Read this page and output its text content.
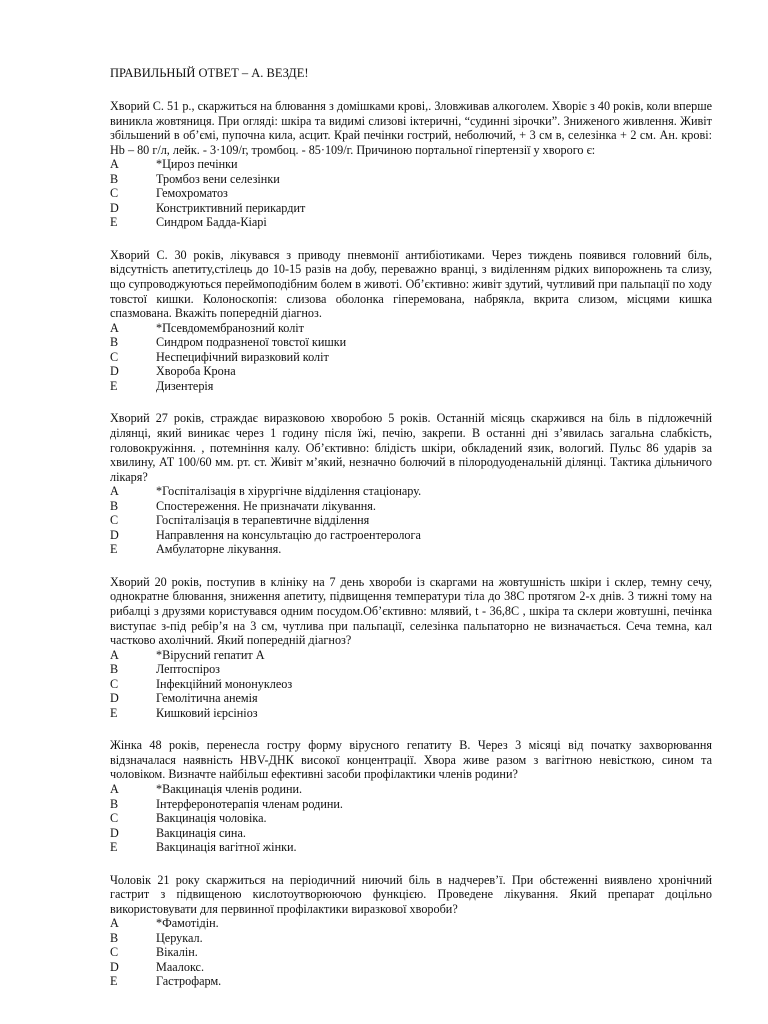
ПРАВИЛЬНЫЙ ОТВЕТ – А. ВЕЗДЕ!

Хворий С. 51 р., скаржиться на блювання з домішками крові,. Зловживав алкоголем. Хворіє з 40 років, коли вперше виникла жовтяниця. При огляді: шкіра та видимі слизові іктеричні, “судинні зірочки”. Зниженого живлення. Живіт збільшений в об’ємі, пупочна кила, асцит. Край печінки гострий, неболючий, + 3 см в, селезінка + 2 см. Ан. крові: Hb – 80 г/л, лейк. - 3·109/г, тромбоц. - 85·109/г. Причиною портальної гіпертензії у хворого є:

A	*Цироз печінки
B	Тромбоз вени селезінки
C	Гемохроматоз
D	Констриктивний перикардит
E	Синдром Бадда-Кіарі

Хворий С. 30 років, лікувався з приводу пневмонії антибіотиками. Через тиждень появився головний біль, відсутність апетиту,стілець до 10-15 разів на добу, переважно вранці, з виділенням рідких випорожнень та слизу, що супроводжуються переймоподібним болем в животі. Об’єктивно: живіт здутий, чутливий при пальпації по ходу товстої кишки. Колоноскопія: слизова оболонка гіперемована, набрякла, вкрита слизом, місцями кишка спазмована. Вкажіть попередній діагноз.

A	*Псевдомембранозний коліт
B	Синдром подразненої товстої кишки
C	Неспецифічний виразковий коліт
D	Хвороба Крона
E	Дизентерія

Хворий 27 років, страждає виразковою хворобою 5 років. Останній місяць скаржився на біль в підложечній ділянці, який виникає через 1 годину після їжі, печію, закрепи. В останні дні з’явилась загальна слабкість, головокружіння. , потемніння калу. Об’єктивно: блідість шкіри, обкладений язик, вологий. Пульс 86 ударів за хвилину, АТ 100/60 мм. рт. ст. Живіт м’який, незначно болючий в пілородуоденальній ділянці. Тактика дільничого лікаря?

A	*Госпіталізація в хірургічне відділення стаціонару.
B	Спостереження. Не призначати лікування.
C	Госпіталізація в терапевтичне відділення
D	Направлення на консультацію до гастроентеролога
E	Амбулаторне лікування.

Хворий 20 років, поступив в клініку на 7 день хвороби із скаргами на жовтушність шкіри і склер, темну сечу, однократне блювання, зниження апетиту, підвищення температури тіла до 38С протягом 2-х днів. 3 тижні тому на рибалці з друзями користувався одним посудом.Об’єктивно: млявий, t - 36,8С , шкіра та склери жовтушні, печінка виступає з-під ребір’я на 3 см, чутлива при пальпації, селезінка пальпаторно не визначається. Сеча темна, кал частково ахолічний. Який попередній діагноз?

A	*Вірусний гепатит А
B	Лептоспіроз
C	Інфекційний мононуклеоз
D	Гемолітична анемія
E	Кишковий ієрсініоз

Жінка 48 років, перенесла гостру форму вірусного гепатиту В. Через 3 місяці від початку захворювання відзначалася наявність HBV-ДНК високої концентрації. Хвора живе разом з вагітною невісткою, сином та чоловіком. Визначте найбільш ефективні засоби профілактики членів родини?

A	*Вакцинація членів родини.
B	Інтерферонотерапія членам родини.
C	Вакцинація чоловіка.
D	Вакцинація сина.
E	Вакцинація вагітної жінки.

Чоловік 21 року скаржиться на періодичний ниючий біль в надчерев’ї. При обстеженні виявлено хронічний гастрит з підвищеною кислотоутворюючою функцією. Проведене лікування. Який препарат доцільно використовувати для первинної профілактики виразкової хвороби?

A	*Фамотідін.
B	Церукал.
C	Вікалін.
D	Маалокс.
E	Гастрофарм.
